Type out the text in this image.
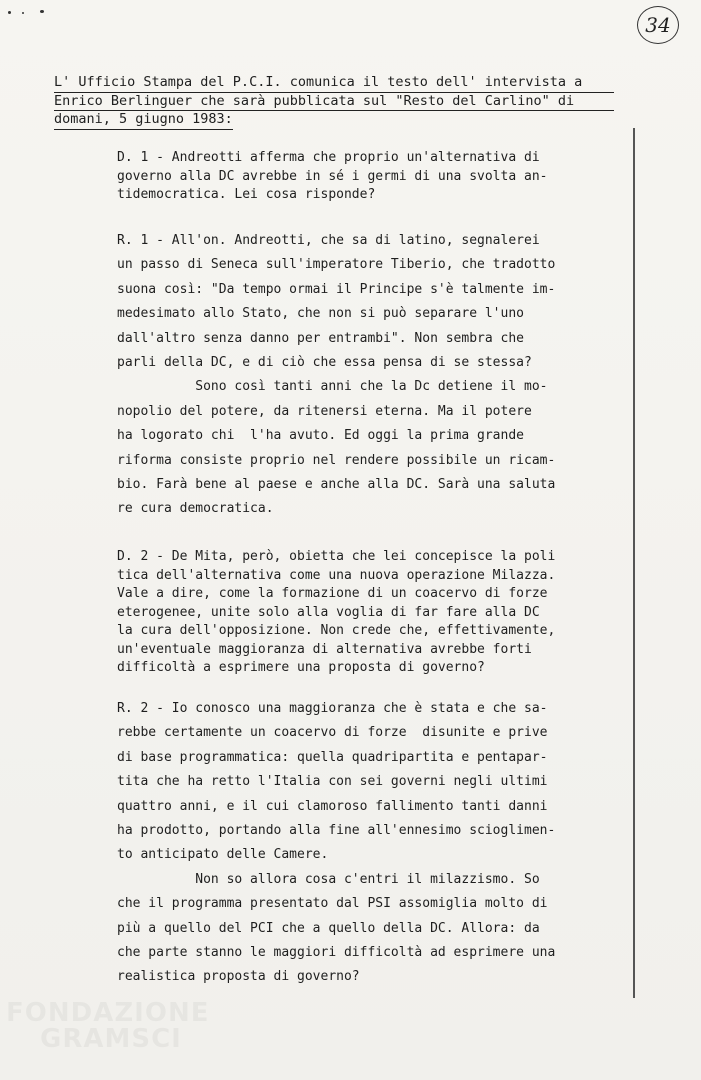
34
L' Ufficio Stampa del P.C.I. comunica il testo dell' intervista a
Enrico Berlinguer che sarà pubblicata sul "Resto del Carlino" di
domani, 5 giugno 1983:
D. 1 - Andreotti afferma che proprio un'alternativa di
governo alla DC avrebbe in sé i germi di una svolta an-
tidemocratica. Lei cosa risponde?
R. 1 - All'on. Andreotti, che sa di latino, segnalerei
un passo di Seneca sull'imperatore Tiberio, che tradotto
suona così: "Da tempo ormai il Principe s'è talmente im-
medesimato allo Stato, che non si può separare l'uno
dall'altro senza danno per entrambi". Non sembra che
parli della DC, e di ciò che essa pensa di se stessa?
Sono così tanti anni che la Dc detiene il mo-
nopolio del potere, da ritenersi eterna. Ma il potere
ha logorato chi  l'ha avuto. Ed oggi la prima grande
riforma consiste proprio nel rendere possibile un ricam-
bio. Farà bene al paese e anche alla DC. Sarà una saluta
re cura democratica.
D. 2 - De Mita, però, obietta che lei concepisce la poli
tica dell'alternativa come una nuova operazione Milazza.
Vale a dire, come la formazione di un coacervo di forze
eterogenee, unite solo alla voglia di far fare alla DC
la cura dell'opposizione. Non crede che, effettivamente,
un'eventuale maggioranza di alternativa avrebbe forti
difficoltà a esprimere una proposta di governo?
R. 2 - Io conosco una maggioranza che è stata e che sa-
rebbe certamente un coacervo di forze  disunite e prive
di base programmatica: quella quadripartita e pentapar-
tita che ha retto l'Italia con sei governi negli ultimi
quattro anni, e il cui clamoroso fallimento tanti danni
ha prodotto, portando alla fine all'ennesimo scioglimen-
to anticipato delle Camere.
Non so allora cosa c'entri il milazzismo. So
che il programma presentato dal PSI assomiglia molto di
più a quello del PCI che a quello della DC. Allora: da
che parte stanno le maggiori difficoltà ad esprimere una
realistica proposta di governo?
